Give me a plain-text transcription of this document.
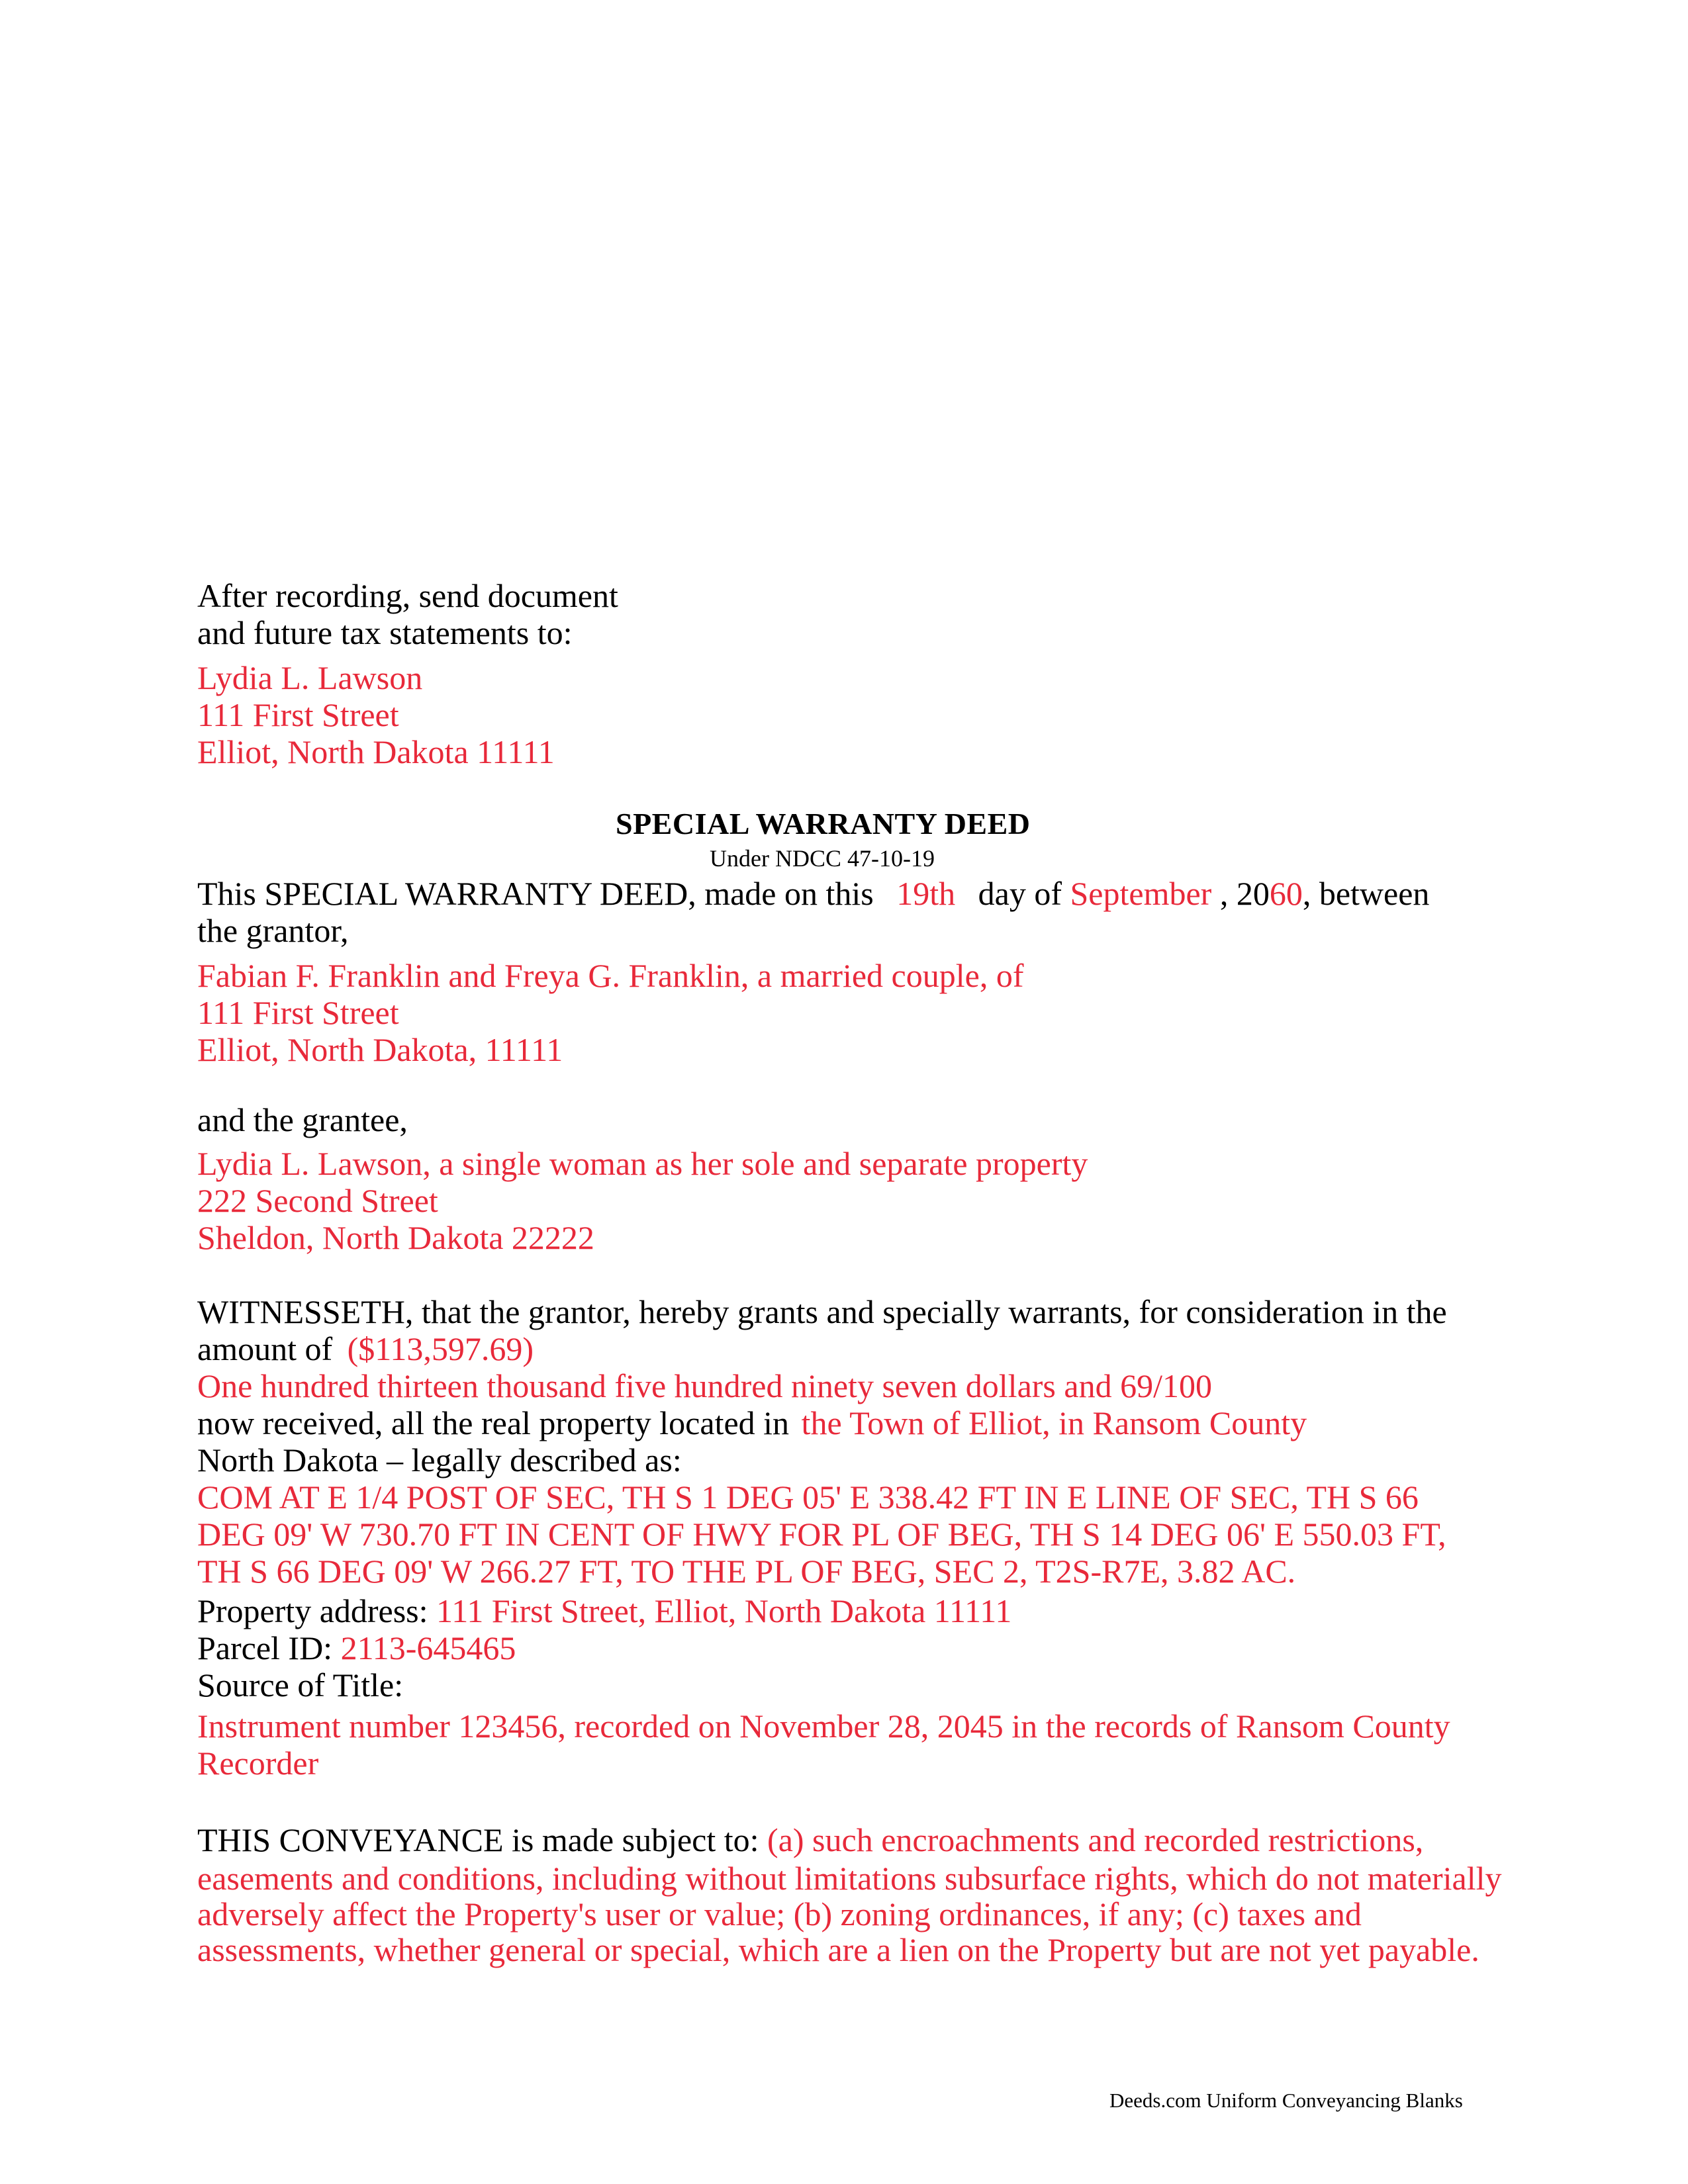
After recording, send document
and future tax statements to:
Lydia L. Lawson
111 First Street
Elliot, North Dakota 11111
SPECIAL WARRANTY DEED
Under NDCC 47-10-19
This SPECIAL WARRANTY DEED, made on this 19th day of September , 2060, between
the grantor,
Fabian F. Franklin and Freya G. Franklin, a married couple, of
111 First Street
Elliot, North Dakota, 11111
and the grantee,
Lydia L. Lawson, a single woman as her sole and separate property
222 Second Street
Sheldon, North Dakota 22222
WITNESSETH, that the grantor, hereby grants and specially warrants, for consideration in the
amount of ($113,597.69)
One hundred thirteen thousand five hundred ninety seven dollars and 69/100
now received, all the real property located in the Town of Elliot, in Ransom County
North Dakota – legally described as:
COM AT E 1/4 POST OF SEC, TH S 1 DEG 05' E 338.42 FT IN E LINE OF SEC, TH S 66
DEG 09' W 730.70 FT IN CENT OF HWY FOR PL OF BEG, TH S 14 DEG 06' E 550.03 FT,
TH S 66 DEG 09' W 266.27 FT, TO THE PL OF BEG, SEC 2, T2S-R7E, 3.82 AC.
Property address: 111 First Street, Elliot, North Dakota 11111
Parcel ID: 2113-645465
Source of Title:
Instrument number 123456, recorded on November 28, 2045 in the records of Ransom County
Recorder
THIS CONVEYANCE is made subject to: (a) such encroachments and recorded restrictions,
easements and conditions, including without limitations subsurface rights, which do not materially
adversely affect the Property's user or value; (b) zoning ordinances, if any; (c) taxes and
assessments, whether general or special, which are a lien on the Property but are not yet payable.
Deeds.com Uniform Conveyancing Blanks
